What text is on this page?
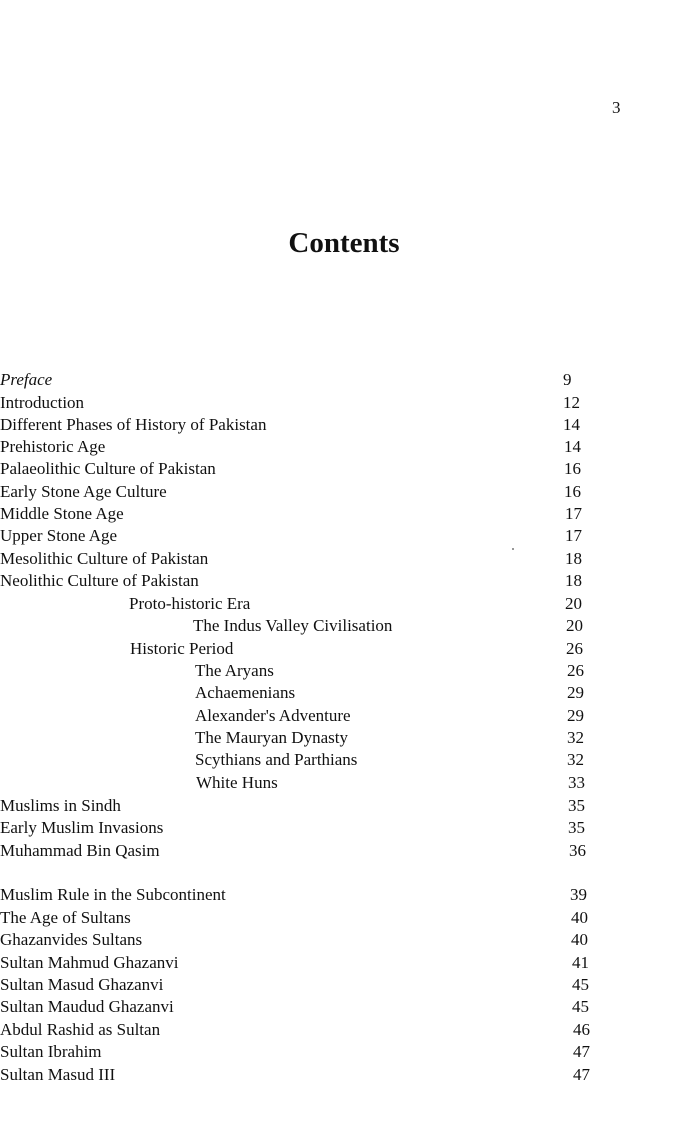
3
Contents
Preface	9
Introduction	12
Different Phases of History of Pakistan	14
Prehistoric Age	14
Palaeolithic Culture of Pakistan	16
Early Stone Age Culture	16
Middle Stone Age	17
Upper Stone Age	17
Mesolithic Culture of Pakistan	18
Neolithic Culture of Pakistan	18
Proto-historic Era	20
The Indus Valley Civilisation	20
Historic Period	26
The Aryans	26
Achaemenians	29
Alexander's Adventure	29
The Mauryan Dynasty	32
Scythians and Parthians	32
White Huns	33
Muslims in Sindh	35
Early Muslim Invasions	35
Muhammad Bin Qasim	36
Muslim Rule in the Subcontinent	39
The Age of Sultans	40
Ghazanvides Sultans	40
Sultan Mahmud Ghazanvi	41
Sultan Masud Ghazanvi	45
Sultan Maudud Ghazanvi	45
Abdul Rashid as Sultan	46
Sultan Ibrahim	47
Sultan Masud III	47
